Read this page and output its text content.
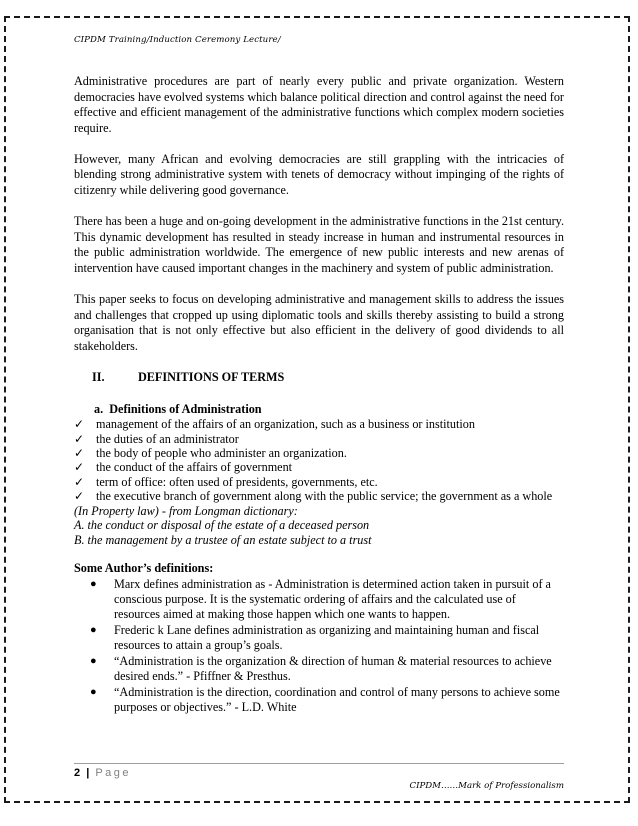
CIPDM Training/Induction Ceremony Lecture/

Administrative procedures are part of nearly every public and private organization. Western democracies have evolved systems which balance political direction and control against the need for effective and efficient management of the administrative functions which complex modern societies require.

However, many African and evolving democracies are still grappling with the intricacies of blending strong administrative system with tenets of democracy without impinging of the rights of citizenry while delivering good governance.

There has been a huge and on-going development in the administrative functions in the 21st century. This dynamic development has resulted in steady increase in human and instrumental resources in the public administration worldwide. The emergence of new public interests and new arenas of intervention have caused important changes in the machinery and system of public administration.

This paper seeks to focus on developing administrative and management skills to address the issues and challenges that cropped up using diplomatic tools and skills thereby assisting to build a strong organisation that is not only effective but also efficient in the delivery of good dividends to all stakeholders.

II.	DEFINITIONS OF TERMS
a. Definitions of Administration
✓ management of the affairs of an organization, such as a business or institution
✓ the duties of an administrator
✓ the body of people who administer an organization.
✓ the conduct of the affairs of government
✓ term of office: often used of presidents, governments, etc.
✓ the executive branch of government along with the public service; the government as a whole
(In Property law) - from Longman dictionary:
A. the conduct or disposal of the estate of a deceased person
B. the management by a trustee of an estate subject to a trust
Some Author’s definitions:
● Marx defines administration as - Administration is determined action taken in pursuit of a conscious purpose. It is the systematic ordering of affairs and the calculated use of resources aimed at making those happen which one wants to happen.
● Frederic k Lane defines administration as organizing and maintaining human and fiscal resources to attain a group’s goals.
● “Administration is the organization & direction of human & material resources to achieve desired ends.” - Pfiffner & Presthus.
● “Administration is the direction, coordination and control of many persons to achieve some purposes or objectives.” - L.D. White
2 | Page
CIPDM……Mark of Professionalism
